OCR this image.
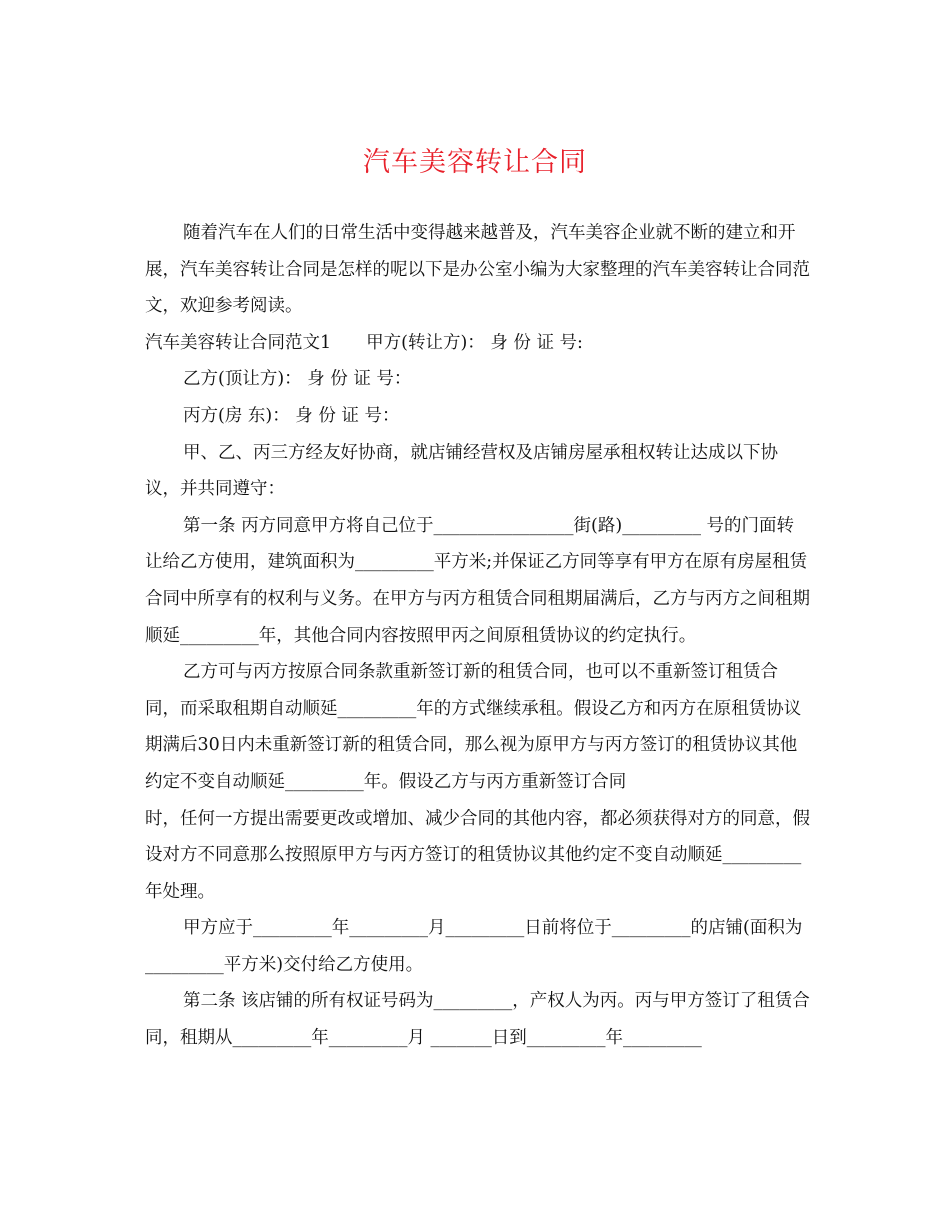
汽车美容转让合同

随着汽车在人们的日常生活中变得越来越普及，汽车美容企业就不断的建立和开展，汽车美容转让合同是怎样的呢以下是办公室小编为大家整理的汽车美容转让合同范文，欢迎参考阅读。

汽车美容转让合同范文1　　甲方(转让方)： 身 份 证 号:

乙方(顶让方)： 身 份 证 号：

丙方(房 东)： 身 份 证 号：

甲、乙、丙三方经友好协商，就店铺经营权及店铺房屋承租权转让达成以下协议，并共同遵守：

第一条 丙方同意甲方将自己位于________________街(路)_________ 号的门面转让给乙方使用，建筑面积为_________平方米;并保证乙方同等享有甲方在原有房屋租赁合同中所享有的权利与义务。在甲方与丙方租赁合同租期届满后，乙方与丙方之间租期顺延_________年，其他合同内容按照甲丙之间原租赁协议的约定执行。

乙方可与丙方按原合同条款重新签订新的租赁合同，也可以不重新签订租赁合同，而采取租期自动顺延_________年的方式继续承租。假设乙方和丙方在原租赁协议期满后30日内未重新签订新的租赁合同，那么视为原甲方与丙方签订的租赁协议其他约定不变自动顺延_________年。假设乙方与丙方重新签订合同

时，任何一方提出需要更改或增加、减少合同的其他内容，都必须获得对方的同意，假设对方不同意那么按照原甲方与丙方签订的租赁协议其他约定不变自动顺延_________年处理。

甲方应于_________年_________月_________日前将位于_________的店铺(面积为_________平方米)交付给乙方使用。

第二条 该店铺的所有权证号码为_________，产权人为丙。丙与甲方签订了租赁合同，租期从_________年_________月 _______日到_________年_________
